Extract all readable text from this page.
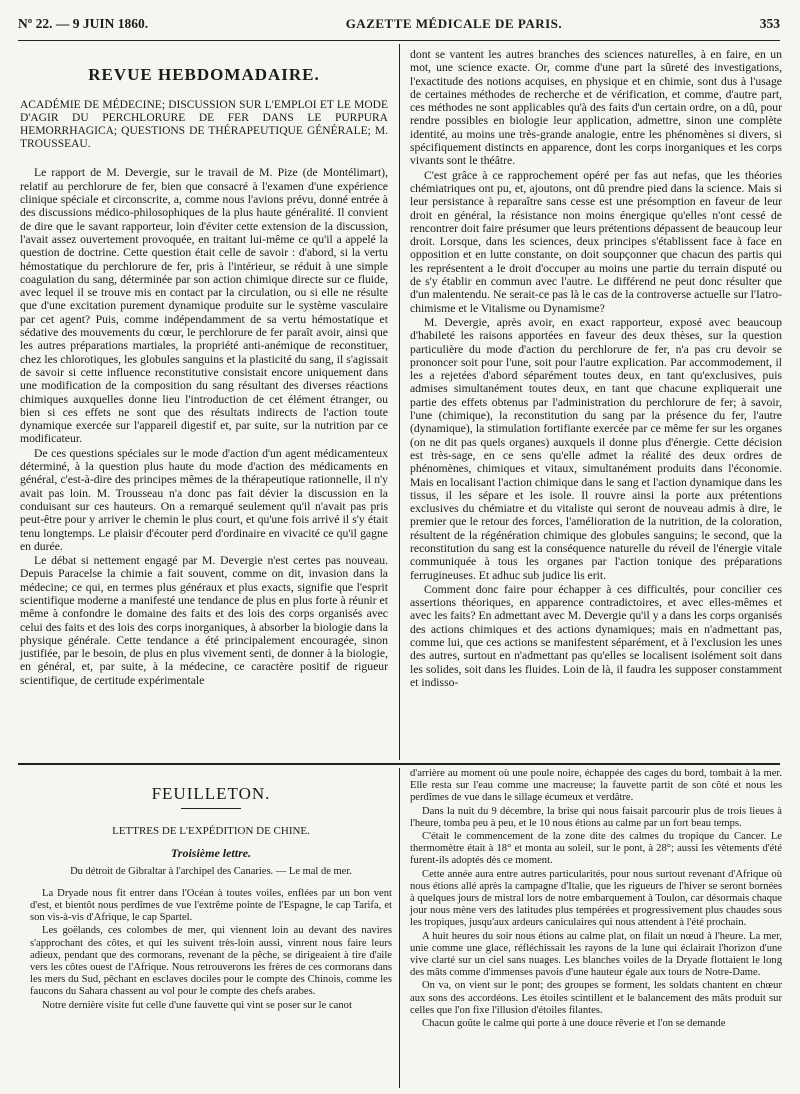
Nº 22. — 9 JUIN 1860.	GAZETTE MÉDICALE DE PARIS.	353
REVUE HEBDOMADAIRE.

ACADÉMIE DE MÉDECINE; DISCUSSION SUR L'EMPLOI ET LE MODE D'AGIR DU PERCHLORURE DE FER DANS LE PURPURA HEMORRHAGICA; QUESTIONS DE THÉRAPEUTIQUE GÉNÉRALE; M. TROUSSEAU.

Le rapport de M. Devergie, sur le travail de M. Pize (de Montélimart), relatif au perchlorure de fer, bien que consacré à l'examen d'une expérience clinique spéciale et circonscrite, a, comme nous l'avions prévu, donné entrée à des discussions médico-philosophiques de la plus haute généralité. Il convient de dire que le savant rapporteur, loin d'éviter cette extension de la discussion, l'avait assez ouvertement provoquée, en traitant lui-même ce qu'il a appelé la question de doctrine. Cette question était celle de savoir : d'abord, si la vertu hémostatique du perchlorure de fer, pris à l'intérieur, se réduit à une simple coagulation du sang, déterminée par son action chimique directe sur ce fluide, avec lequel il se trouve mis en contact par la circulation, ou si elle ne résulte que d'une excitation purement dynamique produite sur le système vasculaire par cet agent? Puis, comme indépendamment de sa vertu hémostatique et sédative des mouvements du cœur, le perchlorure de fer paraît avoir, ainsi que les autres préparations martiales, la propriété anti-anémique de reconstituer, chez les chlorotiques, les globules sanguins et la plasticité du sang, il s'agissait de savoir si cette influence reconstitutive consistait encore uniquement dans une modification de la composition du sang résultant des diverses réactions chimiques auxquelles donne lieu l'introduction de cet élément étranger, ou bien si ces effets ne sont que des résultats indirects de l'action toute dynamique exercée sur l'appareil digestif et, par suite, sur la nutrition par ce modificateur.

De ces questions spéciales sur le mode d'action d'un agent médicamenteux déterminé, à la question plus haute du mode d'action des médicaments en général, c'est-à-dire des principes mêmes de la thérapeutique rationnelle, il n'y avait pas loin. M. Trousseau n'a donc pas fait dévier la discussion en la conduisant sur ces hauteurs. On a remarqué seulement qu'il n'avait pas pris peut-être pour y arriver le chemin le plus court, et qu'une fois arrivé il s'y était tenu longtemps. Le plaisir d'écouter perd d'ordinaire en vivacité ce qu'il gagne en durée.

Le débat si nettement engagé par M. Devergie n'est certes pas nouveau. Depuis Paracelse la chimie a fait souvent, comme on dit, invasion dans la médecine; ce qui, en termes plus généraux et plus exacts, signifie que l'esprit scientifique moderne a manifesté une tendance de plus en plus forte à réunir et même à confondre le domaine des faits et des lois des corps organisés avec celui des faits et des lois des corps inorganiques, à absorber la biologie dans la physique générale. Cette tendance a été principalement encouragée, sinon justifiée, par le besoin, de plus en plus vivement senti, de donner à la biologie, en général, et, par suite, à la médecine, ce caractère positif de rigueur scientifique, de certitude expérimentale

dont se vantent les autres branches des sciences naturelles, à en faire, en un mot, une science exacte. Or, comme d'une part la sûreté des investigations, l'exactitude des notions acquises, en physique et en chimie, sont dus à l'usage de certaines méthodes de recherche et de vérification, et comme, d'autre part, ces méthodes ne sont applicables qu'à des faits d'un certain ordre, on a dû, pour rendre possibles en biologie leur application, admettre, sinon une complète identité, au moins une très-grande analogie, entre les phénomènes si divers, si spécifiquement distincts en apparence, dont les corps inorganiques et les corps vivants sont le théâtre.

C'est grâce à ce rapprochement opéré per fas aut nefas, que les théories chémiatriques ont pu, et, ajoutons, ont dû prendre pied dans la science. Mais si leur persistance à reparaître sans cesse est une présomption en faveur de leur droit en général, la résistance non moins énergique qu'elles n'ont cessé de rencontrer doit faire présumer que leurs prétentions dépassent de beaucoup leur droit. Lorsque, dans les sciences, deux principes s'établissent face à face en opposition et en lutte constante, on doit soupçonner que chacun des partis qui les représentent a le droit d'occuper au moins une partie du terrain disputé ou de s'y établir en commun avec l'autre. Le différend ne peut donc résulter que d'un malentendu. Ne serait-ce pas là le cas de la controverse actuelle sur l'Iatro-chimisme et le Vitalisme ou Dynamisme?

M. Devergie, après avoir, en exact rapporteur, exposé avec beaucoup d'habileté les raisons apportées en faveur des deux thèses, sur la question particulière du mode d'action du perchlorure de fer, n'a pas cru devoir se prononcer soit pour l'une, soit pour l'autre explication. Par accommodement, il les a rejetées d'abord séparément toutes deux, en tant qu'exclusives, puis admises simultanément toutes deux, en tant que chacune expliquerait une partie des effets obtenus par l'administration du perchlorure de fer; à savoir, l'une (chimique), la reconstitution du sang par la présence du fer, l'autre (dynamique), la stimulation fortifiante exercée par ce même fer sur les organes (on ne dit pas quels organes) auxquels il donne plus d'énergie. Cette décision est très-sage, en ce sens qu'elle admet la réalité des deux ordres de phénomènes, chimiques et vitaux, simultanément produits dans l'économie. Mais en localisant l'action chimique dans le sang et l'action dynamique dans les tissus, il les sépare et les isole. Il rouvre ainsi la porte aux prétentions exclusives du chémiatre et du vitaliste qui seront de nouveau admis à dire, le premier que le retour des forces, l'amélioration de la nutrition, de la coloration, résultent de la régénération chimique des globules sanguins; le second, que la reconstitution du sang est la conséquence naturelle du réveil de l'énergie vitale communiquée à tous les organes par l'action tonique des préparations ferrugineuses. Et adhuc sub judice lis erit.

Comment donc faire pour échapper à ces difficultés, pour concilier ces assertions théoriques, en apparence contradictoires, et avec elles-mêmes et avec les faits? En admettant avec M. Devergie qu'il y a dans les corps organisés des actions chimiques et des actions dynamiques; mais en n'admettant pas, comme lui, que ces actions se manifestent séparément, et à l'exclusion les unes des autres, surtout en n'admettant pas qu'elles se localisent isolément soit dans les solides, soit dans les fluides. Loin de là, il faudra les supposer constamment et indisso-

FEUILLETON.
LETTRES DE L'EXPÉDITION DE CHINE.
Troisième lettre.
Du détroit de Gibraltar à l'archipel des Canaries. — Le mal de mer.

La Dryade nous fit entrer dans l'Océan à toutes voiles, enflées par un bon vent d'est, et bientôt nous perdîmes de vue l'extrême pointe de l'Espagne, le cap Tarifa, et son vis-à-vis d'Afrique, le cap Spartel.

Les goëlands, ces colombes de mer, qui viennent loin au devant des navires s'approchant des côtes, et qui les suivent très-loin aussi, vinrent nous faire leurs adieux, pendant que des cormorans, revenant de la pêche, se dirigeaient à tire d'aile vers les côtes ouest de l'Afrique. Nous retrouverons les frères de ces cormorans dans les mers du Sud, pêchant en esclaves dociles pour le compte des Chinois, comme les faucons du Sahara chassent au vol pour le compte des chefs arabes.

Notre dernière visite fut celle d'une fauvette qui vint se poser sur le canot

d'arrière au moment où une poule noire, échappée des cages du bord, tombait à la mer. Elle resta sur l'eau comme une macreuse; la fauvette partit de son côté et nous les perdîmes de vue dans le sillage écumeux et verdâtre.

Dans la nuit du 9 décembre, la brise qui nous faisait parcourir plus de trois lieues à l'heure, tomba peu à peu, et le 10 nous étions au calme par un fort beau temps.

C'était le commencement de la zone dite des calmes du tropique du Cancer. Le thermomètre était à 18° et monta au soleil, sur le pont, à 28°; aussi les vêtements d'été furent-ils adoptés dès ce moment.

Cette année aura entre autres particularités, pour nous surtout revenant d'Afrique où nous étions allé après la campagne d'Italie, que les rigueurs de l'hiver se seront bornées à quelques jours de mistral lors de notre embarquement à Toulon, car désormais chaque jour nous mène vers des latitudes plus tempérées et progressivement plus chaudes sous les tropiques, jusqu'aux ardeurs caniculaires qui nous attendent à l'été prochain.

A huit heures du soir nous étions au calme plat, on filait un nœud à l'heure. La mer, unie comme une glace, réfléchissait les rayons de la lune qui éclairait l'horizon d'une vive clarté sur un ciel sans nuages. Les blanches voiles de la Dryade flottaient le long des mâts comme d'immenses pavois d'une hauteur égale aux tours de Notre-Dame.

On va, on vient sur le pont; des groupes se forment, les soldats chantent en chœur aux sons des accordéons. Les étoiles scintillent et le balancement des mâts produit sur celles que l'on fixe l'illusion d'étoiles filantes.

Chacun goûte le calme qui porte à une douce rêverie et l'on se demande
